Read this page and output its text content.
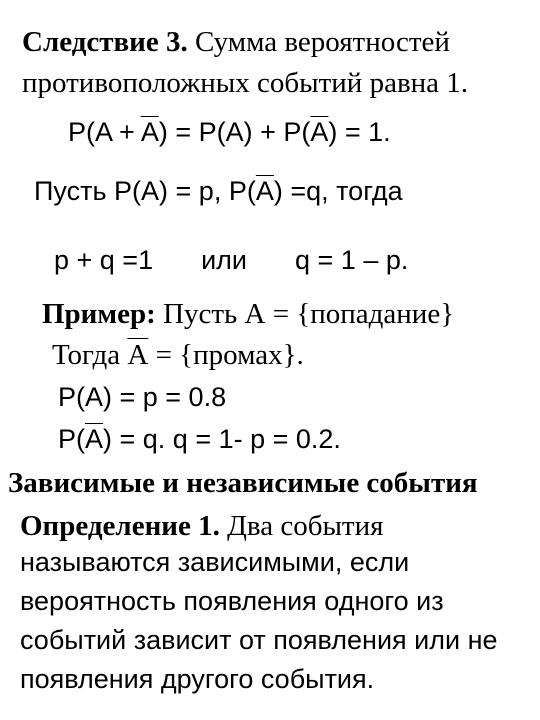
Следствие 3. Сумма вероятностей
противоположных событий равна 1.
$P(A + \overline{A}) = P(A) + P(\overline{A}) = 1$.
Пусть P(A) = p, $P(\overline{A}) =q$, тогда
p + q =1 или q = 1 – p.
Пример: Пусть А = {попадание}
Тогда А = {промах}.
P(A) = p = 0.8
$P(\overline{A}) = q$. q = 1- p = 0.2.
Зависимые и независимые события
Определение 1. Два события
называются зависимыми, если
вероятность появления одного из
событий зависит от появления или не
появления другого события.
